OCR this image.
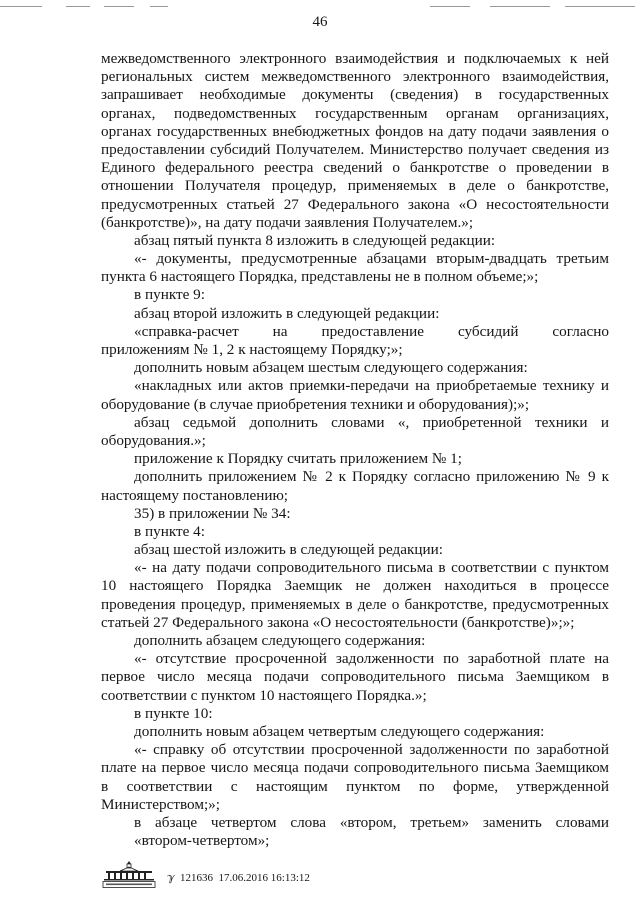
46
межведомственного электронного взаимодействия и подключаемых к ней
региональных систем межведомственного электронного взаимодействия,
запрашивает необходимые документы (сведения) в государственных
органах, подведомственных государственным органам организациях,
органах государственных внебюджетных фондов на дату подачи заявления о
предоставлении субсидий Получателем. Министерство получает сведения из
Единого федерального реестра сведений о банкротстве о проведении в
отношении Получателя процедур, применяемых в деле о банкротстве,
предусмотренных статьей 27 Федерального закона «О несостоятельности
(банкротстве)», на дату подачи заявления Получателем.»;
абзац пятый пункта 8 изложить в следующей редакции:
«- документы, предусмотренные абзацами вторым-двадцать третьим
пункта 6 настоящего Порядка, представлены не в полном объеме;»;
в пункте 9:
абзац второй изложить в следующей редакции:
«справка-расчет на предоставление субсидий согласно
приложениям № 1, 2 к настоящему Порядку;»;
дополнить новым абзацем шестым следующего содержания:
«накладных или актов приемки-передачи на приобретаемые технику и
оборудование (в случае приобретения техники и оборудования);»;
абзац седьмой дополнить словами «, приобретенной техники и
оборудования.»;
приложение к Порядку считать приложением № 1;
дополнить приложением № 2 к Порядку согласно приложению № 9 к
настоящему постановлению;
35) в приложении № 34:
в пункте 4:
абзац шестой изложить в следующей редакции:
«- на дату подачи сопроводительного письма в соответствии с пунктом
10 настоящего Порядка Заемщик не должен находиться в процессе
проведения процедур, применяемых в деле о банкротстве, предусмотренных
статьей 27 Федерального закона «О несостоятельности (банкротстве)»;»;
дополнить абзацем следующего содержания:
«- отсутствие просроченной задолженности по заработной плате на
первое число месяца подачи сопроводительного письма Заемщиком в
соответствии с пунктом 10 настоящего Порядка.»;
в пункте 10:
дополнить новым абзацем четвертым следующего содержания:
«- справку об отсутствии просроченной задолженности по заработной
плате на первое число месяца подачи сопроводительного письма Заемщиком
в соответствии с настоящим пунктом по форме, утвержденной
Министерством;»;
в абзаце четвертом слова «втором, третьем» заменить словами
«втором-четвертом»;
ℽ 121636 17.06.2016 16:13:12
